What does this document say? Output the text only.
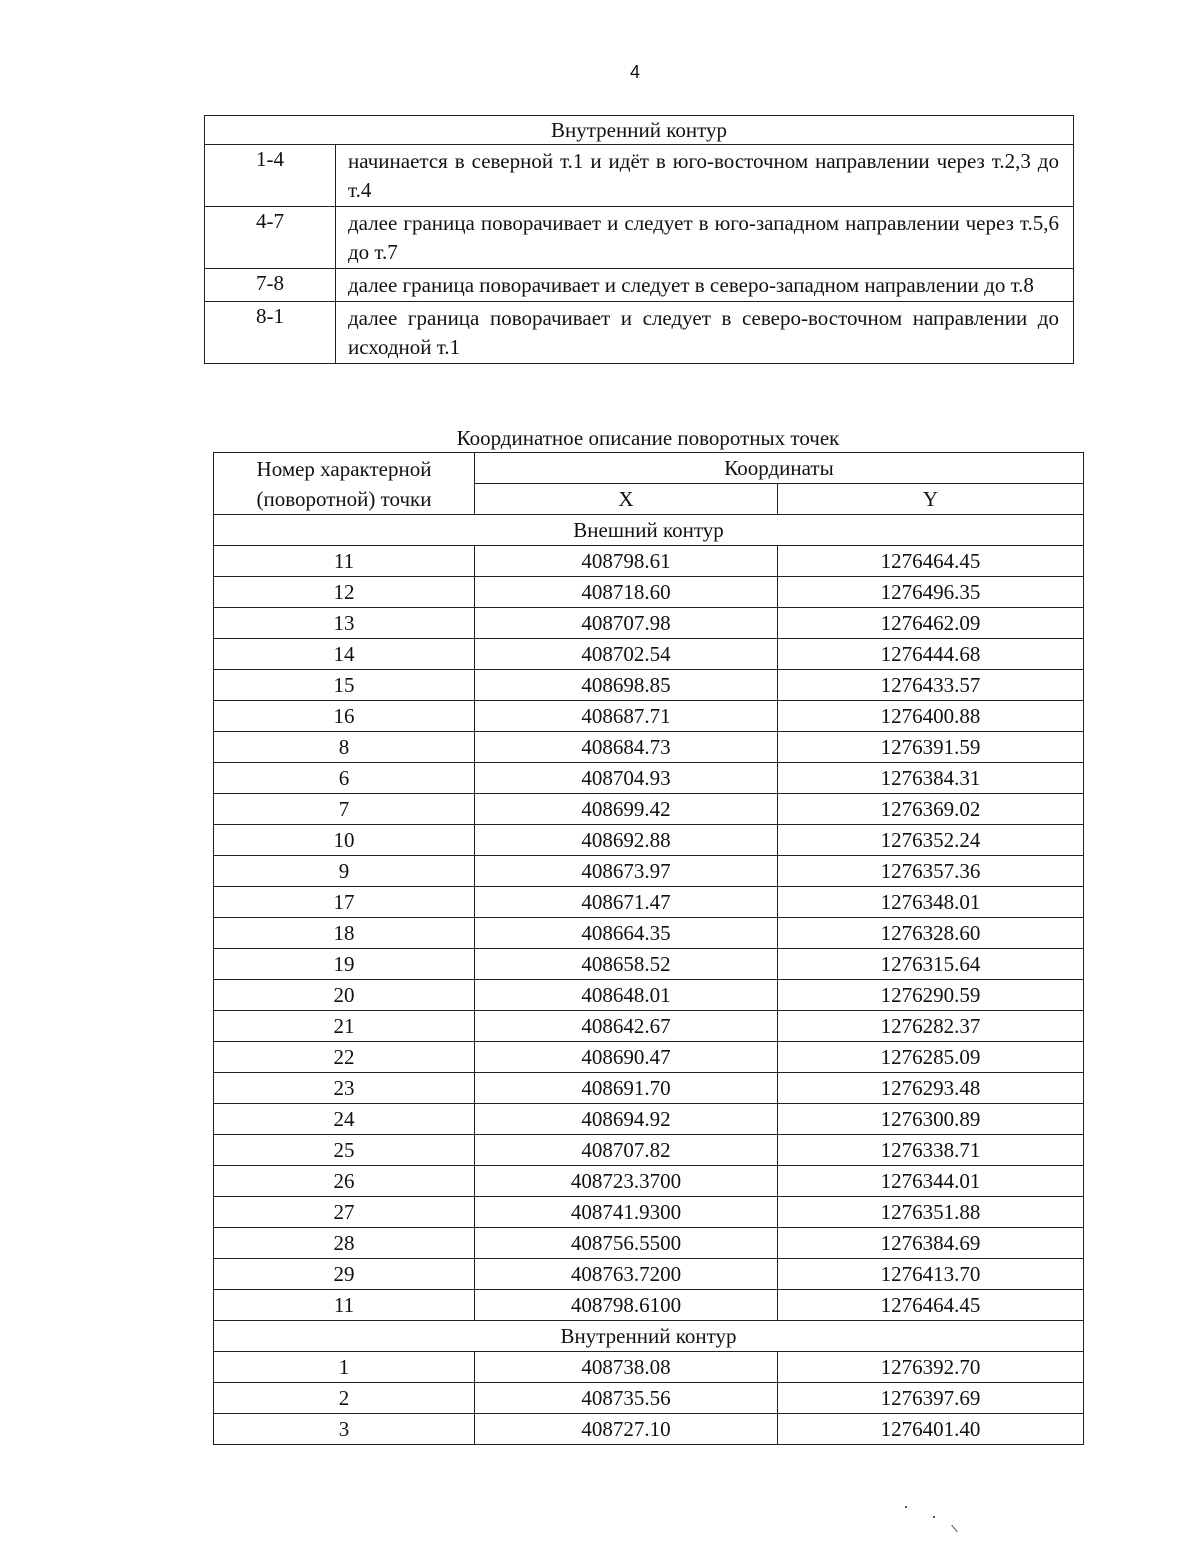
4
Внутренний контур	
1-4	начинается в северной т.1 и идёт в юго-восточном направлении через т.2,3 до т.4
4-7	далее граница поворачивает и следует в юго-западном направлении через т.5,6 до т.7
7-8	далее граница поворачивает и следует в северо-западном направлении до т.8
8-1	далее граница поворачивает и следует в северо-восточном направлении до исходной т.1
Координатное описание поворотных точек
Номер характерной
(поворотной) точки	Координаты	
	X	Y
Внешний контур		
11	408798.61	1276464.45
12	408718.60	1276496.35
13	408707.98	1276462.09
14	408702.54	1276444.68
15	408698.85	1276433.57
16	408687.71	1276400.88
8	408684.73	1276391.59
6	408704.93	1276384.31
7	408699.42	1276369.02
10	408692.88	1276352.24
9	408673.97	1276357.36
17	408671.47	1276348.01
18	408664.35	1276328.60
19	408658.52	1276315.64
20	408648.01	1276290.59
21	408642.67	1276282.37
22	408690.47	1276285.09
23	408691.70	1276293.48
24	408694.92	1276300.89
25	408707.82	1276338.71
26	408723.3700	1276344.01
27	408741.9300	1276351.88
28	408756.5500	1276384.69
29	408763.7200	1276413.70
11	408798.6100	1276464.45
Внутренний контур		
1	408738.08	1276392.70
2	408735.56	1276397.69
3	408727.10	1276401.40
